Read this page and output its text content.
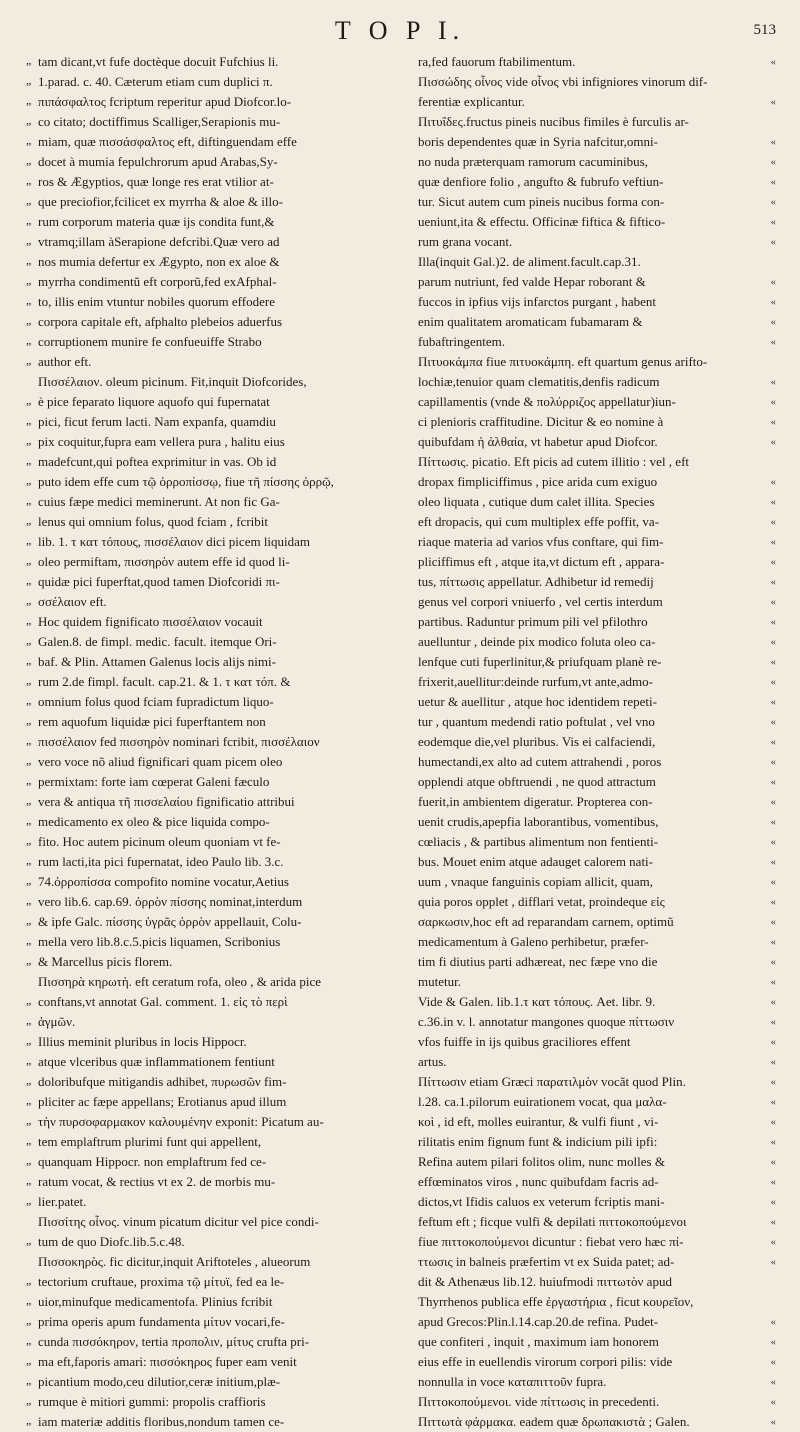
T O P I.	513
„ tam dicant,vt fufe doctèque docuit Fufchius li.
„ 1.parad. c. 40. Cæterum etiam cum duplici π.
„ πιπάσφαλτος fcriptum reperitur apud Diofcor.lo-
„ co citato; doctiffimus Scalliger,Serapionis mu-
„ miam, quæ πισσάσφαλτος eft, diftinguendam effe
„ docet à mumia fepulchrorum apud Arabas,Sy-
„ ros & Ægyptios, quæ longe res erat vtilior at-
„ que preciofior,fcilicet ex myrrha & aloe & illo-
„ rum corporum materia quæ ijs condita funt,&
„ vtramq;illam àSerapione defcribi.Quæ vero ad
„ nos mumia defertur ex Ægypto, non ex aloe &
„ myrrha condimentũ eft corporũ,fed exAfphal-
„ to, illis enim vtuntur nobiles quorum effodere
„ corpora capitale eft, afphalto plebeios aduerfus
„ corruptionem munire fe confueuiffe Strabo
„ author eft.
Πισσέλαιον. oleum picinum. Fit,inquit Diofcorides,
„ è pice feparato liquore aquofo qui fupernatat
„ pici, ficut ferum lacti. Nam expanfa, quamdiu
„ pix coquitur,fupra eam vellera pura , halitu eius
„ madefcunt,qui poftea exprimitur in vas. Ob id
„ puto idem effe cum τῷ ὀρροπίσσῳ, fiue τῆ πίσσης ὀρρῷ,
„ cuius fæpe medici meminerunt. At non fic Ga-
„ lenus qui omnium folus, quod fciam , fcribit
„ lib. 1. τ κατ τόπους, πισσέλαιον dici picem liquidam
„ oleo permiftam, πισσηρὸν autem effe id quod li-
„ quidæ pici fuperftat,quod tamen Diofcoridi πι-
„ σσέλαιον eft.
„ Hoc quidem fignificato πισσέλαιον vocauit
„ Galen.8. de fimpl. medic. facult. itemque Ori-
„ baf. & Plin. Attamen Galenus locis alijs nimi-
„ rum 2.de fimpl. facult. cap.21. & 1. τ κατ τόπ. &
„ omnium folus quod fciam fupradictum liquo-
„ rem aquofum liquidæ pici fuperftantem non
„ πισσέλαιον fed πισσηρὸν nominari fcribit, πισσέλαιον
„ vero voce nõ aliud fignificari quam picem oleo
„ permixtam: forte iam cœperat Galeni fæculo
„ vera & antiqua τῆ πισσελαίου fignificatio attribui
„ medicamento ex oleo & pice liquida compo-
„ fito. Hoc autem picinum oleum quoniam vt fe-
„ rum lacti,ita pici fupernatat, ideo Paulo lib. 3.c.
„ 74.ὀρροπίσσα compofito nomine vocatur,Aetius
„ vero lib.6. cap.69. ὀρρὸν πίσσης nominat,interdum
„ & ipfe Galc. πίσσης ὑγρᾶς ὀρρὸν appellauit, Colu-
„ mella vero lib.8.c.5.picis liquamen, Scribonius
„ & Marcellus picis florem.
Πισσηρὰ κηρωτὴ. eft ceratum rofa, oleo , & arida pice
„ conftans,vt annotat Gal. comment. 1. εἰς τὸ περὶ
„ ἀγμῶν.
„ Illius meminit pluribus in locis Hippocr.
„ atque vlceribus quæ inflammationem fentiunt
„ doloribufque mitigandis adhibet, πυρωσῶν fim-
„ pliciter ac fæpe appellans; Erotianus apud illum
„ τὴν πυρσοφαρμακον καλουμένην exponit: Picatum au-
„ tem emplaftrum plurimi funt qui appellent,
„ quanquam Hippocr. non emplaftrum fed ce-
„ ratum vocat, & rectius vt ex 2. de morbis mu-
„ lier.patet.
Πισσίτης οἶνος. vinum picatum dicitur vel pice condi-
„ tum de quo Diofc.lib.5.c.48.
Πισσοκηρὸς. fic dicitur,inquit Ariftoteles , alueorum
„ tectorium cruftaue, proxima τῷ μίτυϊ, fed ea le-
„ uior,minufque medicamentofa. Plinius fcribit
„ prima operis apum fundamenta μίτυν vocari,fe-
„ cunda πισσόκηρον, tertia προπολιν, μίτυς crufta pri-
„ ma eft,faporis amari: πισσόκηρος fuper eam venit
„ picantium modo,ceu dilutior,ceræ initium,plæ-
„ rumque è mitiori gummi: propolis craffioris
„ iam materiæ additis floribus,nondum tamen ce-
ra,fed fauorum ftabilimentum. «
Πισσώδης οἶνος vide οἶνος vbi infigniores vinorum dif-
ferentiæ explicantur. «
Πιτυΐδες.fructus pineis nucibus fimiles è furculis ar-
boris dependentes quæ in Syria nafcitur,omni- «
no nuda præterquam ramorum cacuminibus, «
quæ denfiore folio , angufto & fubrufo veftiun- «
tur. Sicut autem cum pineis nucibus forma con- «
ueniunt,ita & effectu. Officinæ fiftica & fiftico- «
rum grana vocant. «
Illa(inquit Gal.)2. de aliment.facult.cap.31.
parum nutriunt, fed valde Hepar roborant & «
fuccos in ipfius vijs infarctos purgant , habent «
enim qualitatem aromaticam fubamaram & «
fubaftringentem. «
Πιτυοκάμπα fiue πιτυοκάμπη. eft quartum genus arifto-
lochiæ,tenuior quam clematitis,denfis radicum «
capillamentis (vnde & πολύρριζος appellatur)iun- «
ci plenioris craffitudine. Dicitur & eo nomine à «
quibufdam ἡ ἀλθαία, vt habetur apud Diofcor. «
Πίττωσις. picatio. Eft picis ad cutem illitio : vel , eft
dropax fimpliciffimus , pice arida cum exiguo «
oleo liquata , cutique dum calet illita. Species «
eft dropacis, qui cum multiplex effe poffit, va- «
riaque materia ad varios vfus conftare, qui fim- «
pliciffimus eft , atque ita,vt dictum eft , appara- «
tus, πίττωσις appellatur. Adhibetur id remedij «
genus vel corpori vniuerfo , vel certis interdum «
partibus. Raduntur primum pili vel pfilothro «
auelluntur , deinde pix modico foluta oleo ca- «
lenfque cuti fuperlinitur,& priufquam planè re- «
frixerit,auellitur:deinde rurfum,vt ante,admo- «
uetur & auellitur , atque hoc identidem repeti- «
tur , quantum medendi ratio poftulat , vel vno «
eodemque die,vel pluribus. Vis ei calfaciendi, «
humectandi,ex alto ad cutem attrahendi , poros «
opplendi atque obftruendi , ne quod attractum «
fuerit,in ambientem digeratur. Propterea con- «
uenit crudis,apepfia laborantibus, vomentibus, «
cœliacis , & partibus alimentum non fentienti- «
bus. Mouet enim atque adauget calorem nati- «
uum , vnaque fanguinis copiam allicit, quam, «
quia poros opplet , difflari vetat, proindeque εἰς «
σαρκωσιν,hoc eft ad reparandam carnem, optimũ «
medicamentum à Galeno perhibetur, præfer- «
tim fi diutius parti adhæreat, nec fæpe vno die «
mutetur. «
Vide & Galen. lib.1.τ κατ τόπους. Aet. libr. 9. «
c.36.in v. l. annotatur mangones quoque πίττωσιν «
vfos fuiffe in ijs quibus graciliores effent «
artus. «
Πίττωσιν etiam Græci παρατιλμὸν vocãt quod Plin. «
l.28. ca.1.pilorum euirationem vocat, qua μαλα- «
κοὶ , id eft, molles euirantur, & vulfi fiunt , vi- «
rilitatis enim fignum funt & indicium pili ipfi: «
Refina autem pilari folitos olim, nunc molles & «
effœminatos viros , nunc quibufdam facris ad- «
dictos,vt Ifidis caluos ex veterum fcriptis mani- «
feftum eft ; ficque vulfi & depilati πιττοκοπούμενοι «
fiue πιττοκοπούμενοι dicuntur : fiebat vero hæc πί- «
ττωσις in balneis præfertim vt ex Suida patet; ad- «
dit & Athenæus lib.12. huiufmodi πιττωτὸν apud
Thyrrhenos publica effe ἐργαστήρια , ficut κουρεῖον,
apud Grecos:Plin.l.14.cap.20.de refina. Pudet- «
que confiteri , inquit , maximum iam honorem «
eius effe in euellendis virorum corpori pilis: vide «
nonnulla in voce καταπιττοῦν fupra. «
Πιττοκοπούμενοι. vide πίττωσις in precedenti. «
Πιττωτὰ φάρμακα. eadem quæ δρωπακιστὰ ; Galen. «
